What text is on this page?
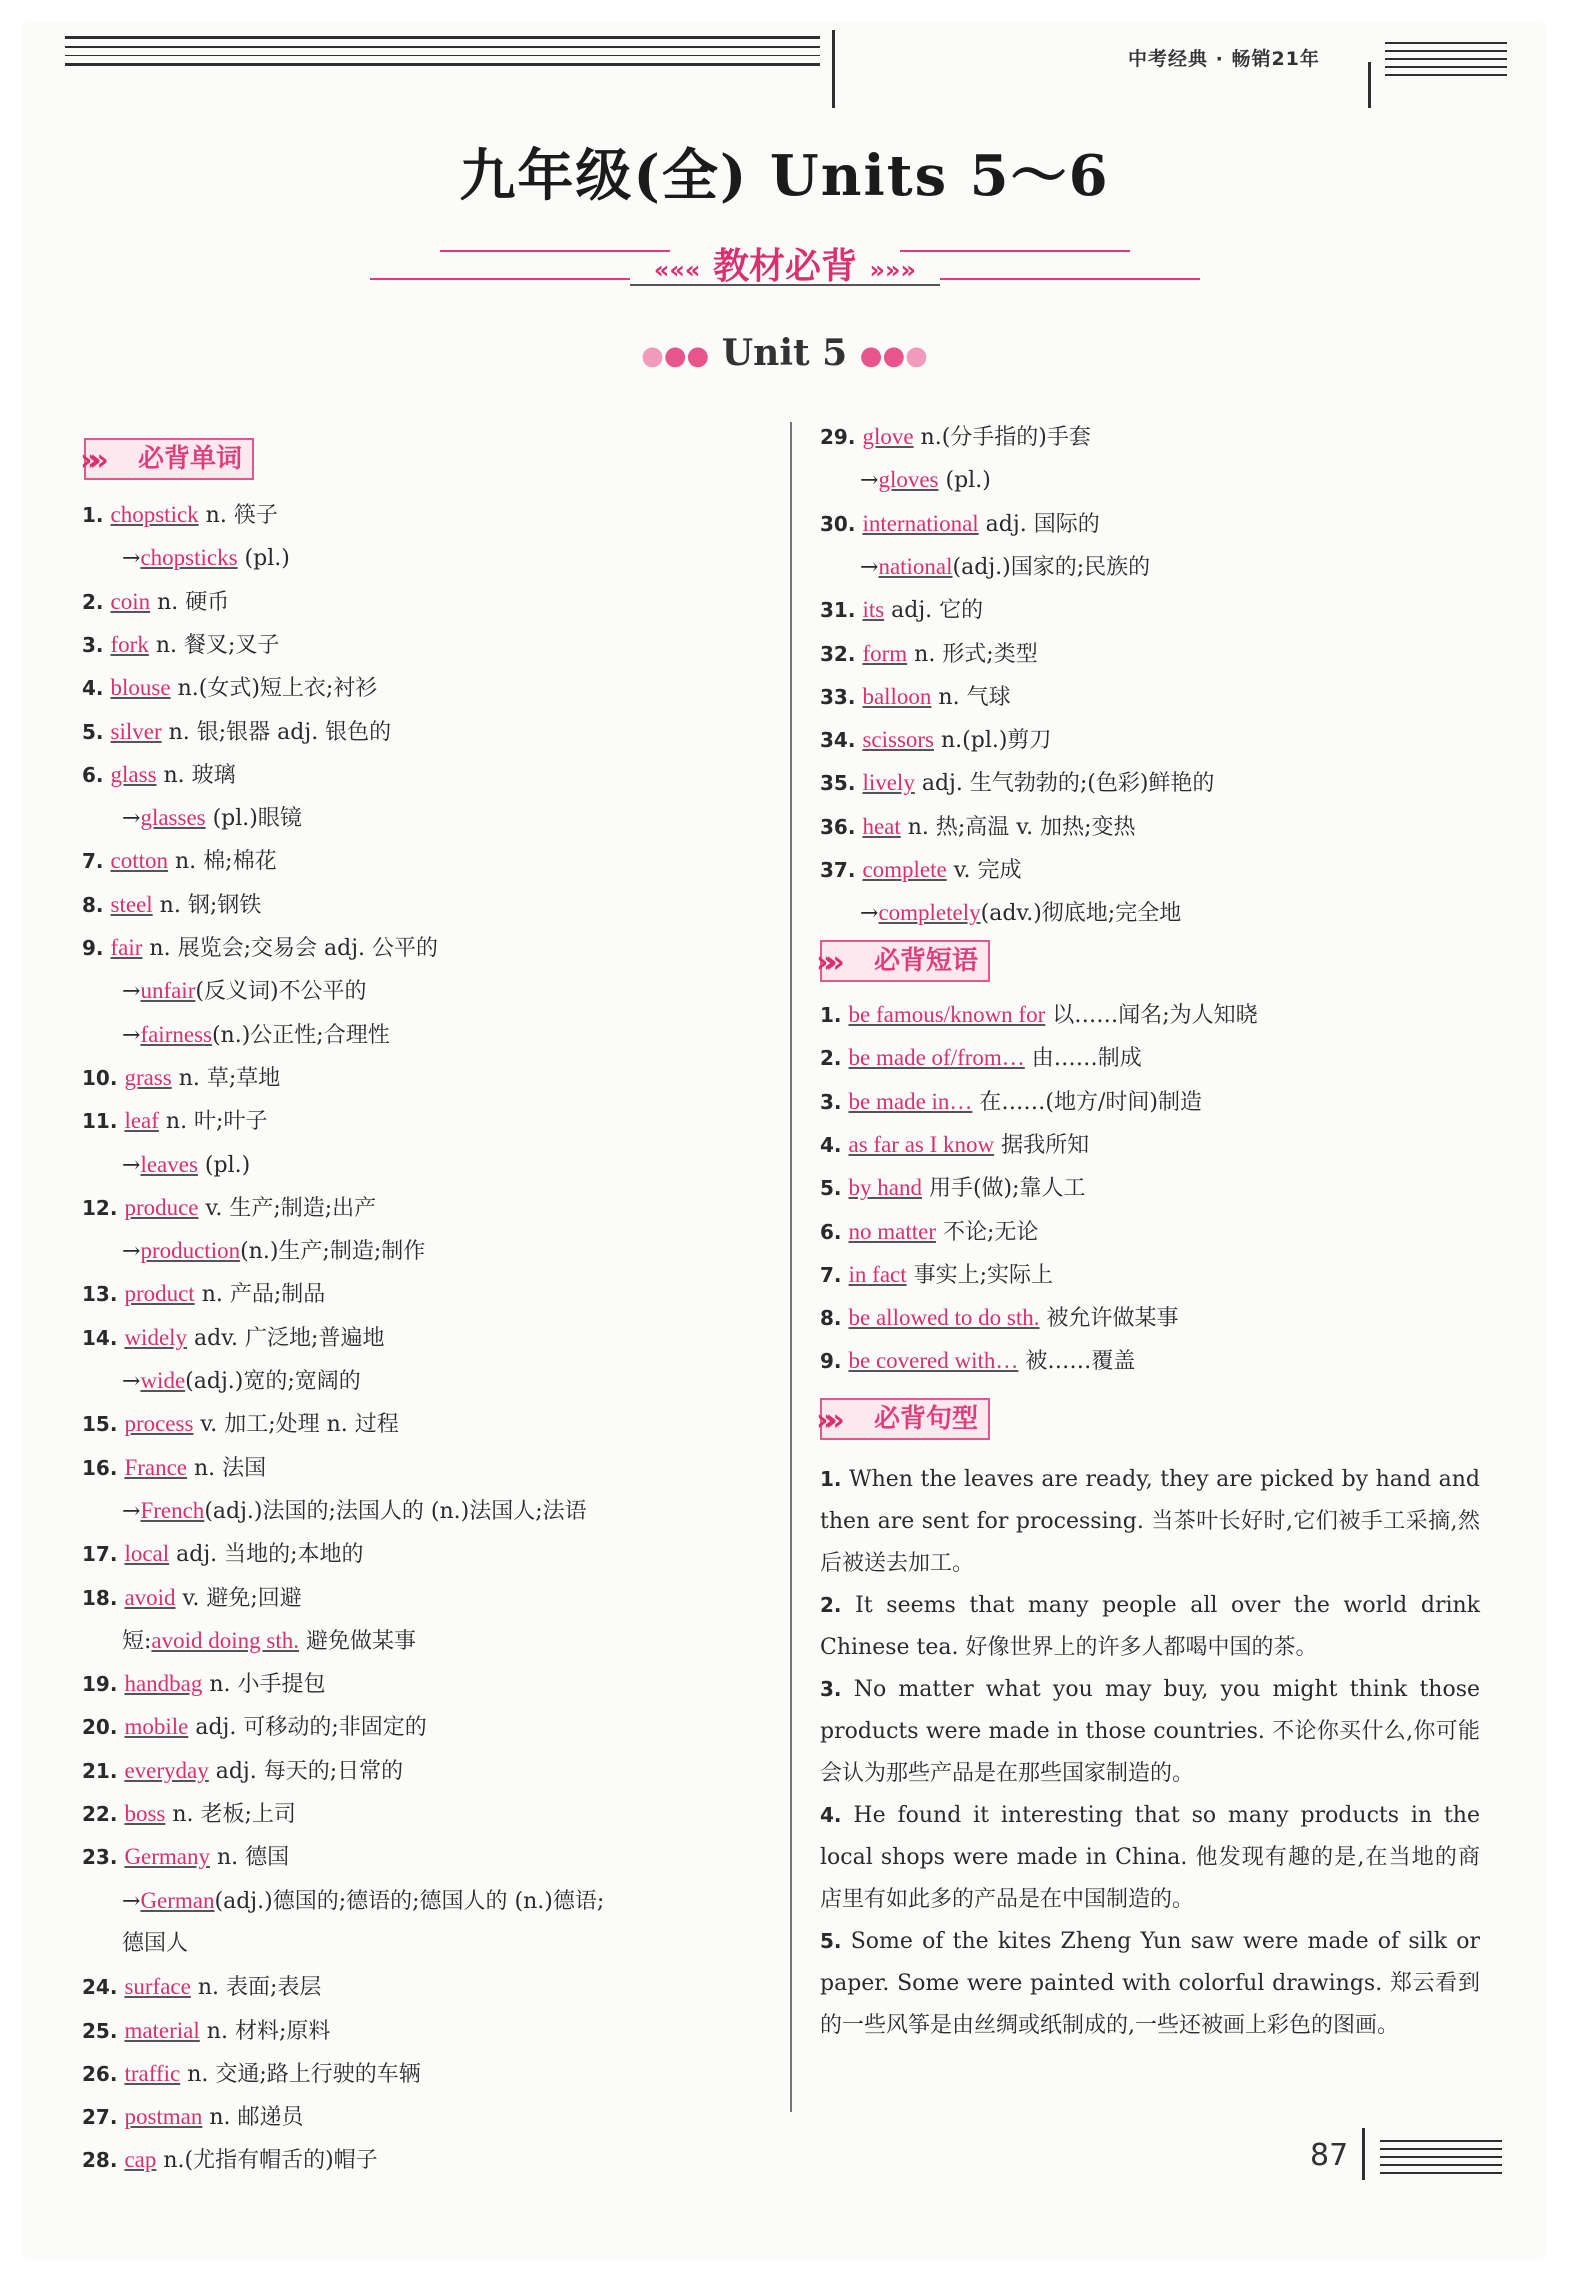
中考经典 · 畅销21年
九年级(全) Units 5～6
««« 教材必背 »»»
●●● Unit 5 ●●●
»» 必背单词
1. chopstick n. 筷子
→chopsticks (pl.)
2. coin n. 硬币
3. fork n. 餐叉;叉子
4. blouse n.(女式)短上衣;衬衫
5. silver n. 银;银器 adj. 银色的
6. glass n. 玻璃
→glasses (pl.)眼镜
7. cotton n. 棉;棉花
8. steel n. 钢;钢铁
9. fair n. 展览会;交易会 adj. 公平的
→unfair(反义词)不公平的
→fairness(n.)公正性;合理性
10. grass n. 草;草地
11. leaf n. 叶;叶子
→leaves (pl.)
12. produce v. 生产;制造;出产
→production(n.)生产;制造;制作
13. product n. 产品;制品
14. widely adv. 广泛地;普遍地
→wide(adj.)宽的;宽阔的
15. process v. 加工;处理 n. 过程
16. France n. 法国
→French(adj.)法国的;法国人的 (n.)法国人;法语
17. local adj. 当地的;本地的
18. avoid v. 避免;回避
短:avoid doing sth. 避免做某事
19. handbag n. 小手提包
20. mobile adj. 可移动的;非固定的
21. everyday adj. 每天的;日常的
22. boss n. 老板;上司
23. Germany n. 德国
→German(adj.)德国的;德语的;德国人的 (n.)德语;
德国人
24. surface n. 表面;表层
25. material n. 材料;原料
26. traffic n. 交通;路上行驶的车辆
27. postman n. 邮递员
28. cap n.(尤指有帽舌的)帽子
29. glove n.(分手指的)手套
→gloves (pl.)
30. international adj. 国际的
→national(adj.)国家的;民族的
31. its adj. 它的
32. form n. 形式;类型
33. balloon n. 气球
34. scissors n.(pl.)剪刀
35. lively adj. 生气勃勃的;(色彩)鲜艳的
36. heat n. 热;高温 v. 加热;变热
37. complete v. 完成
→completely(adv.)彻底地;完全地
»» 必背短语
1. be famous/known for 以……闻名;为人知晓
2. be made of/from… 由……制成
3. be made in… 在……(地方/时间)制造
4. as far as I know 据我所知
5. by hand 用手(做);靠人工
6. no matter 不论;无论
7. in fact 事实上;实际上
8. be allowed to do sth. 被允许做某事
9. be covered with… 被……覆盖
»» 必背句型
1. When the leaves are ready, they are picked by hand and then are sent for processing. 当茶叶长好时,它们被手工采摘,然后被送去加工。
2. It seems that many people all over the world drink Chinese tea. 好像世界上的许多人都喝中国的茶。
3. No matter what you may buy, you might think those products were made in those countries. 不论你买什么,你可能会认为那些产品是在那些国家制造的。
4. He found it interesting that so many products in the local shops were made in China. 他发现有趣的是,在当地的商店里有如此多的产品是在中国制造的。
5. Some of the kites Zheng Yun saw were made of silk or paper. Some were painted with colorful drawings. 郑云看到的一些风筝是由丝绸或纸制成的,一些还被画上彩色的图画。
87
